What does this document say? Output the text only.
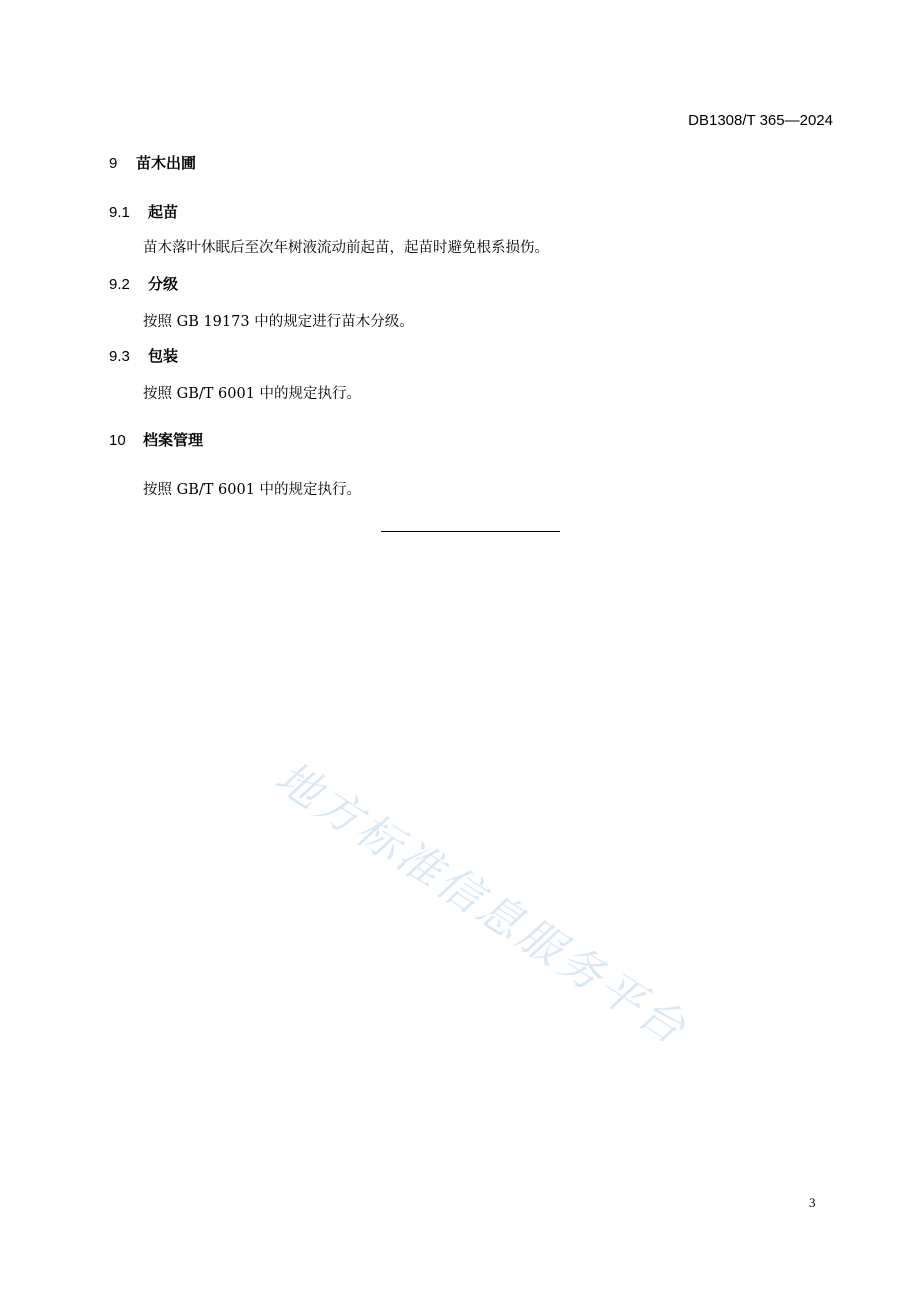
DB1308/T 365—2024
9 苗木出圃
9.1 起苗
苗木落叶休眠后至次年树液流动前起苗，起苗时避免根系损伤。
9.2 分级
按照 GB 19173 中的规定进行苗木分级。
9.3 包装
按照 GB/T 6001 中的规定执行。
10 档案管理
按照 GB/T 6001 中的规定执行。
地方标准信息服务平台
3
